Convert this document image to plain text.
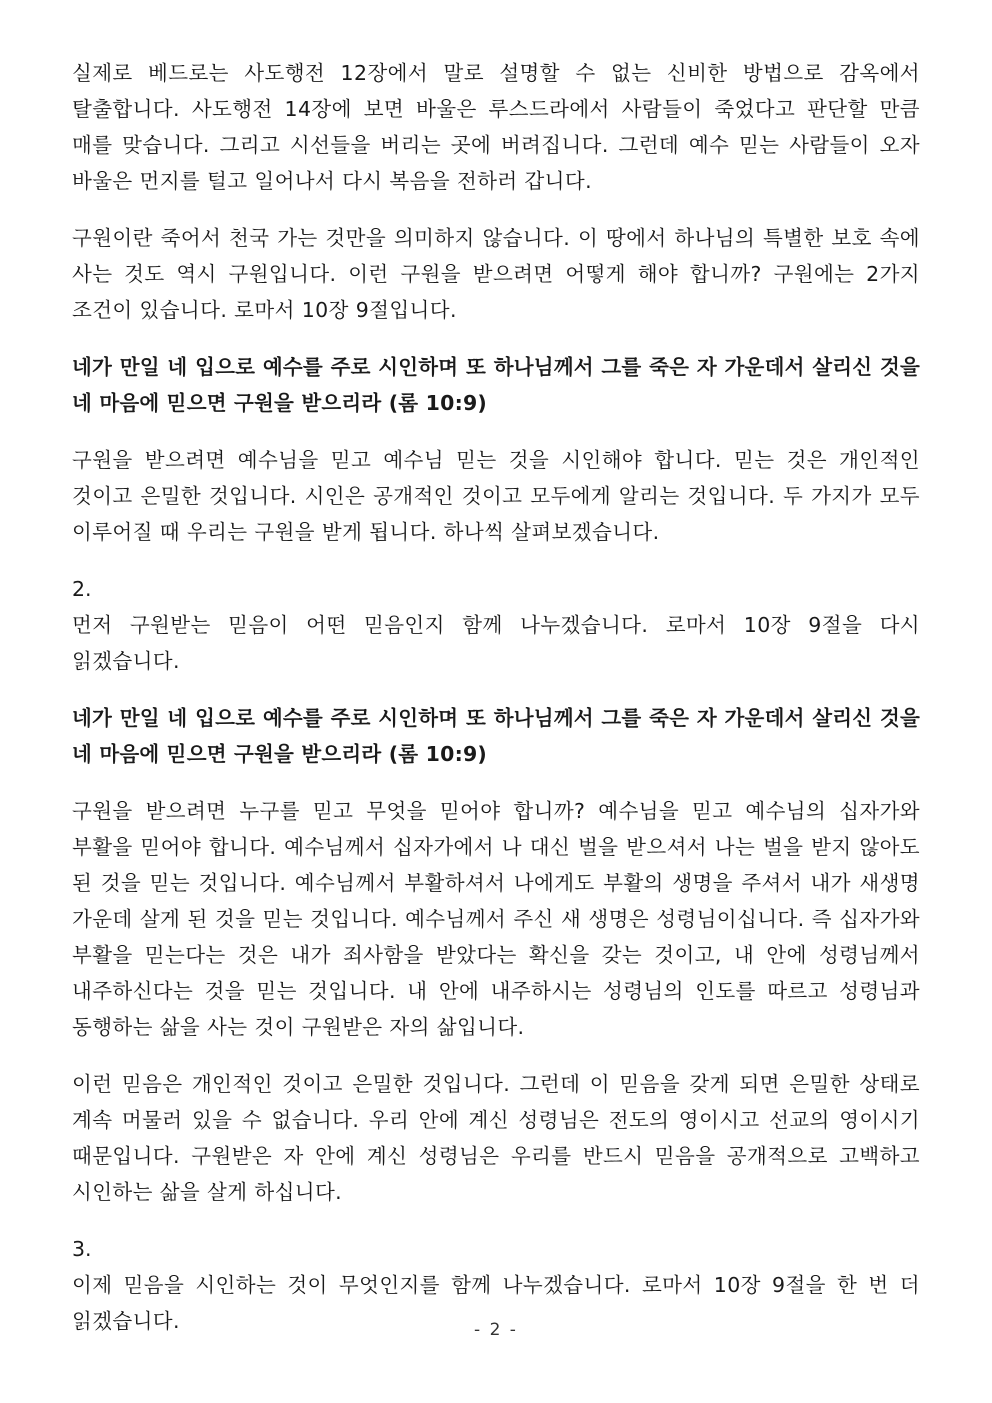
실제로 베드로는 사도행전 12장에서 말로 설명할 수 없는 신비한 방법으로 감옥에서 탈출합니다. 사도행전 14장에 보면 바울은 루스드라에서 사람들이 죽었다고 판단할 만큼 매를 맞습니다. 그리고 시선들을 버리는 곳에 버려집니다. 그런데 예수 믿는 사람들이 오자 바울은 먼지를 털고 일어나서 다시 복음을 전하러 갑니다.

구원이란 죽어서 천국 가는 것만을 의미하지 않습니다. 이 땅에서 하나님의 특별한 보호 속에 사는 것도 역시 구원입니다. 이런 구원을 받으려면 어떻게 해야 합니까? 구원에는 2가지 조건이 있습니다. 로마서 10장 9절입니다.

네가 만일 네 입으로 예수를 주로 시인하며 또 하나님께서 그를 죽은 자 가운데서 살리신 것을 네 마음에 믿으면 구원을 받으리라 (롬 10:9)

구원을 받으려면 예수님을 믿고 예수님 믿는 것을 시인해야 합니다. 믿는 것은 개인적인 것이고 은밀한 것입니다. 시인은 공개적인 것이고 모두에게 알리는 것입니다. 두 가지가 모두 이루어질 때 우리는 구원을 받게 됩니다. 하나씩 살펴보겠습니다.

2.

먼저 구원받는 믿음이 어떤 믿음인지 함께 나누겠습니다. 로마서 10장 9절을 다시 읽겠습니다.

네가 만일 네 입으로 예수를 주로 시인하며 또 하나님께서 그를 죽은 자 가운데서 살리신 것을 네 마음에 믿으면 구원을 받으리라 (롬 10:9)

구원을 받으려면 누구를 믿고 무엇을 믿어야 합니까? 예수님을 믿고 예수님의 십자가와 부활을 믿어야 합니다. 예수님께서 십자가에서 나 대신 벌을 받으셔서 나는 벌을 받지 않아도 된 것을 믿는 것입니다. 예수님께서 부활하셔서 나에게도 부활의 생명을 주셔서 내가 새생명 가운데 살게 된 것을 믿는 것입니다. 예수님께서 주신 새 생명은 성령님이십니다. 즉 십자가와 부활을 믿는다는 것은 내가 죄사함을 받았다는 확신을 갖는 것이고, 내 안에 성령님께서 내주하신다는 것을 믿는 것입니다. 내 안에 내주하시는 성령님의 인도를 따르고 성령님과 동행하는 삶을 사는 것이 구원받은 자의 삶입니다.

이런 믿음은 개인적인 것이고 은밀한 것입니다. 그런데 이 믿음을 갖게 되면 은밀한 상태로 계속 머물러 있을 수 없습니다. 우리 안에 계신 성령님은 전도의 영이시고 선교의 영이시기 때문입니다. 구원받은 자 안에 계신 성령님은 우리를 반드시 믿음을 공개적으로 고백하고 시인하는 삶을 살게 하십니다.

3.

이제 믿음을 시인하는 것이 무엇인지를 함께 나누겠습니다. 로마서 10장 9절을 한 번 더 읽겠습니다.	- 2 -
